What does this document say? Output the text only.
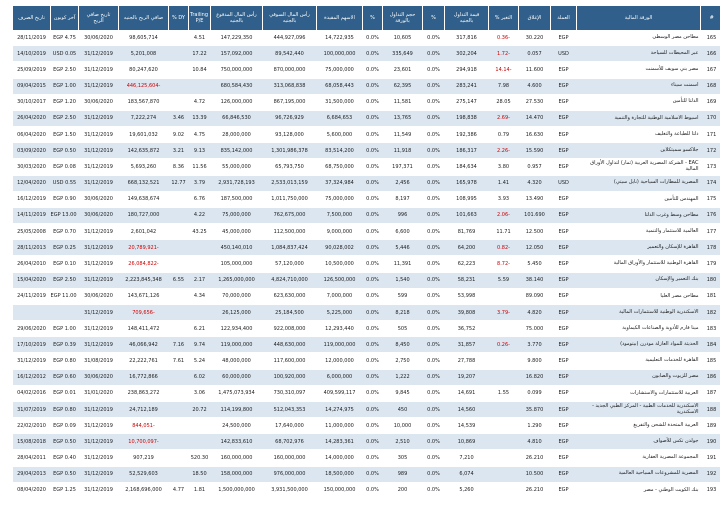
#	الورقة المالية	العملة	الإغلاق	التغير %	قيمة التداول بالجنيه	%	حجم التداول بالورقة	%	الاسهم المقيدة	رأس المال السوقي بالجنيه	رأس المال المدفوع بالجنيه	Trailing P/E	DY %	صافي الربح بالجنيه	تاريخ صافي الربح	آخر كوبون	تاريخ الصرف
165	مطاحن مصر الوسطى	EGP	30.220	-0.36	317,816	0.0%	10,605	0.0%	14,722,935	444,927,096	147,229,350	4.51		98,605,714	30/06/2020	EGP 4.75	28/11/2019
166	عبر المحيطات للسياحة	USD	0.057	-1.72	302,204	0.0%	335,649	0.0%	100,000,000	89,542,440	157,092,000	17.22		5,201,008	31/12/2019	USD 0.05	14/10/2019
167	مصر بني سويف للأسمنت	EGP	11.600	-14.14	294,918	0.0%	23,601	0.0%	75,000,000	870,000,000	750,000,000	10.84		80,247,620	31/12/2019	EGP 2.50	25/09/2019
168	اسمنت سيناء	EGP	4.600	7.98	283,241	0.0%	62,395	0.0%	68,058,443	313,068,838	680,584,430			-446,125,604	31/12/2019	EGP 1.00	09/04/2015
169	الدلتا للتأمين	EGP	27.530	28.05	275,147	0.0%	11,581	0.0%	31,500,000	867,195,000	126,000,000	4.72		183,567,870	30/06/2020	EGP 1.20	30/10/2017
170	اسيوط الاسلامية الوطنية للتجارة والتنمية	EGP	14.470	-2.69	198,838	0.0%	13,765	0.0%	6,684,653	96,726,929	66,846,530	13.39	3.46	7,222,274	31/12/2019	EGP 2.50	26/04/2020
171	دلتا للطباعة والتغليف	EGP	16.630	0.79	192,386	0.0%	11,549	0.0%	5,600,000	93,128,000	28,000,000	4.75	9.02	19,601,032	31/12/2019	EGP 1.50	06/04/2020
172	جلاكسو سميثكلاين	EGP	15.590	-2.26	186,317	0.0%	11,918	0.0%	83,514,200	1,301,986,378	835,142,000	9.13	3.21	142,635,872	31/12/2019	EGP 0.50	03/09/2020
173	EAC - الشركة المصرية العربية (ثمار) لتداول الأوراق المالية	EGP	0.957	3.80	184,634	0.0%	197,371	0.0%	68,750,000	65,793,750	55,000,000	11.56	8.36	5,693,260	31/12/2019	EGP 0.08	30/03/2020
174	المصرية للمطارات السياحية (نايل سيتي)	USD	4.320	1.41	165,978	0.0%	2,456	0.0%	37,324,984	2,533,013,159	2,931,728,193	3.79	12.77	668,132,521	31/12/2019	USD 0.55	12/04/2020
175	المهندس للتأمين	EGP	13.490	3.93	108,995	0.0%	8,197	0.0%	75,000,000	1,011,750,000	187,500,000	6.76		149,638,674	30/06/2020	EGP 0.90	16/12/2019
176	مطاحن وسط وغرب الدلتا	EGP	101.690	-2.06	101,663	0.0%	996	0.0%	7,500,000	762,675,000	75,000,000	4.22		180,727,000	30/06/2020	EGP 13.00	14/11/2019
177	العالمية للاستثمار والتنمية	EGP	12.500	11.71	81,769	0.0%	6,600	0.0%	9,000,000	112,500,000	45,000,000	43.25		2,601,042	31/12/2019	EGP 0.70	25/05/2008
178	القاهرة للإسكان والتعمير	EGP	12.050	-0.82	64,200	0.0%	5,446	0.0%	90,028,002	1,084,837,424	450,140,010			-20,789,921	31/12/2019	EGP 0.25	28/11/2013
179	القاهرة الوطنية للاستثمار والأوراق المالية	EGP	5.450	-8.72	62,223	0.0%	11,391	0.0%	10,500,000	57,120,000	105,000,000			-26,084,822	31/12/2019	EGP 0.10	26/04/2010
180	بنك التعمير والإسكان	EGP	38.140	5.59	58,231	0.0%	1,540	0.0%	126,500,000	4,824,710,000	1,265,000,000	2.17	6.55	2,223,845,348	31/12/2019	EGP 2.50	15/04/2020
181	مطاحن مصر العليا	EGP	89.090		53,998	0.0%	599	0.0%	7,000,000	623,630,000	70,000,000	4.34		143,671,126	30/06/2020	EGP 11.00	24/11/2019
182	الاسكندرية الوطنية للاستثمارات المالية	EGP	4.820	-3.79	39,808	0.0%	8,218	0.0%	5,225,000	25,184,500	26,125,000			-709,656	31/12/2019		
183	مينا فارم للأدوية والصناعات الكيماوية	EGP	75.000		36,752	0.0%	505	0.0%	12,293,440	922,008,000	122,934,400	6.21		148,411,472	31/12/2019	EGP 1.00	29/06/2020
184	الحديثة للمواد العازلة مودرن (بيتومود)	EGP	3.770	-0.26	31,857	0.0%	8,450	0.0%	119,000,000	448,630,000	119,000,000	9.74	7.16	46,066,942	31/12/2019	EGP 0.39	17/10/2019
185	القاهرة للخدمات التعليمية	EGP	9.800		27,788	0.0%	2,750	0.0%	12,000,000	117,600,000	48,000,000	5.24	7.61	22,222,761	31/08/2019	EGP 0.80	31/12/2019
186	مصر للزيوت والصابون	EGP	16.820		19,207	0.0%	1,222	0.0%	6,000,000	100,920,000	60,000,000	6.02		16,772,866	30/06/2020	EGP 0.60	16/12/2012
187	العربية للاستثمارات والاستشارات	EGP	0.099	1.55	14,691	0.0%	9,845	0.0%	409,599,117	730,310,097	1,475,073,934	3.06		238,863,272	31/01/2020	EGP 0.01	04/02/2016
188	الاسكندرية للخدمات الطبية - المركز الطبي الجديد - الاسكندرية	EGP	35.870		14,560	0.0%	450	0.0%	14,274,975	512,043,353	114,199,800	20.72		24,712,189	31/12/2019	EGP 0.80	31/07/2019
189	العربية المتحدة للشحن والتفريغ	EGP	1.290		14,539	0.0%	10,000	0.0%	11,000,000	17,640,000	24,500,000			-844,051	31/12/2019	EGP 0.09	22/02/2010
190	جولدن تكس للأصواف	EGP	4.810		10,869	0.0%	2,510	0.0%	14,283,361	68,702,976	142,833,610			-10,700,097	31/12/2019	EGP 0.50	15/08/2018
191	المجموعة المصرية العقارية	EGP	26.210		7,210	0.0%	305	0.0%	14,000,000	160,000,000	160,000,000	520.30		907,219	31/12/2019	EGP 0.40	28/04/2011
192	المصرية للمشروعات السياحية العالمية	EGP	10.500		6,074	0.0%	989	0.0%	18,500,000	976,000,000	158,000,000	18.50		52,529,603	31/12/2019	EGP 0.50	29/04/2013
193	بنك الكويت الوطني - مصر	EGP	26.210		5,260	0.0%	200	0.0%	150,000,000	3,931,500,000	1,500,000,000	1.81	4.77	2,168,696,000	31/12/2019	EGP 1.25	08/04/2020
